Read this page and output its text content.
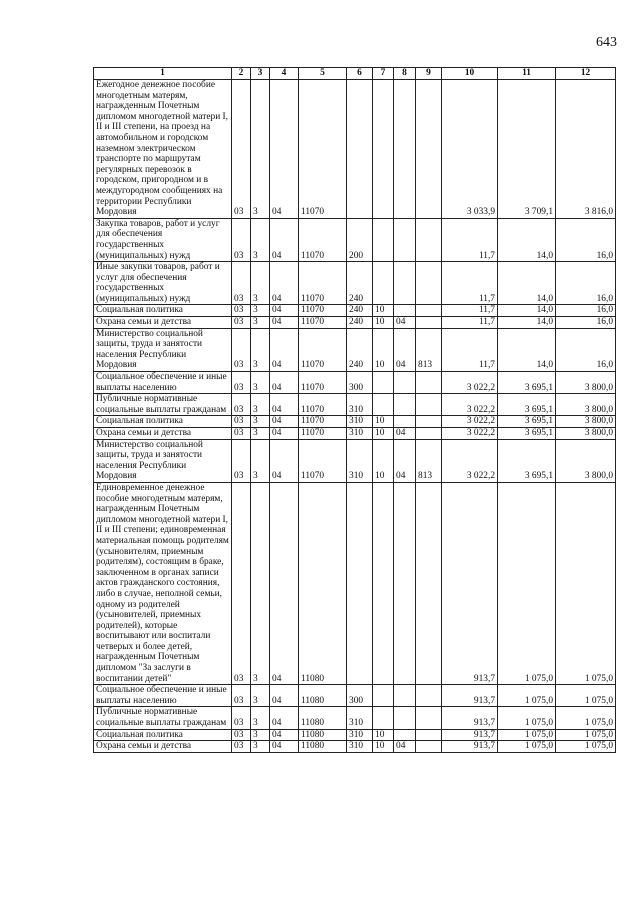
643
1	2	3	4	5	6	7	8	9	10	11	12
Ежегодное денежное пособие многодетным матерям, награжденным Почетным дипломом многодетной матери I, II и III степени, на проезд на автомобильном и городском наземном электрическом транспорте по маршрутам регулярных перевозок в городском, пригородном и в междугородном сообщениях на территории Республики Мордовия	03	3	04	11070					3 033,9	3 709,1	3 816,0
Закупка товаров, работ и услуг для обеспечения государственных (муниципальных) нужд	03	3	04	11070	200				11,7	14,0	16,0
Иные закупки товаров, работ и услуг для обеспечения государственных (муниципальных) нужд	03	3	04	11070	240				11,7	14,0	16,0
Социальная политика	03	3	04	11070	240	10			11,7	14,0	16,0
Охрана семьи и детства	03	3	04	11070	240	10	04		11,7	14,0	16,0
Министерство социальной защиты, труда и занятости населения Республики Мордовия	03	3	04	11070	240	10	04	813	11,7	14,0	16,0
Социальное обеспечение и иные выплаты населению	03	3	04	11070	300				3 022,2	3 695,1	3 800,0
Публичные нормативные социальные выплаты гражданам	03	3	04	11070	310				3 022,2	3 695,1	3 800,0
Социальная политика	03	3	04	11070	310	10			3 022,2	3 695,1	3 800,0
Охрана семьи и детства	03	3	04	11070	310	10	04		3 022,2	3 695,1	3 800,0
Министерство социальной защиты, труда и занятости населения Республики Мордовия	03	3	04	11070	310	10	04	813	3 022,2	3 695,1	3 800,0
Единовременное денежное пособие многодетным матерям, награжденным Почетным дипломом многодетной матери I, II и III степени; единовременная материальная помощь родителям (усыновителям, приемным родителям), состоящим в браке, заключенном в органах записи актов гражданского состояния, либо в случае, неполной семьи, одному из родителей (усыновителей, приемных родителей), которые воспитывают или воспитали четверых и более детей, награжденным Почетным дипломом "За заслуги в воспитании детей"	03	3	04	11080					913,7	1 075,0	1 075,0
Социальное обеспечение и иные выплаты населению	03	3	04	11080	300				913,7	1 075,0	1 075,0
Публичные нормативные социальные выплаты гражданам	03	3	04	11080	310				913,7	1 075,0	1 075,0
Социальная политика	03	3	04	11080	310	10			913,7	1 075,0	1 075,0
Охрана семьи и детства	03	3	04	11080	310	10	04		913,7	1 075,0	1 075,0
